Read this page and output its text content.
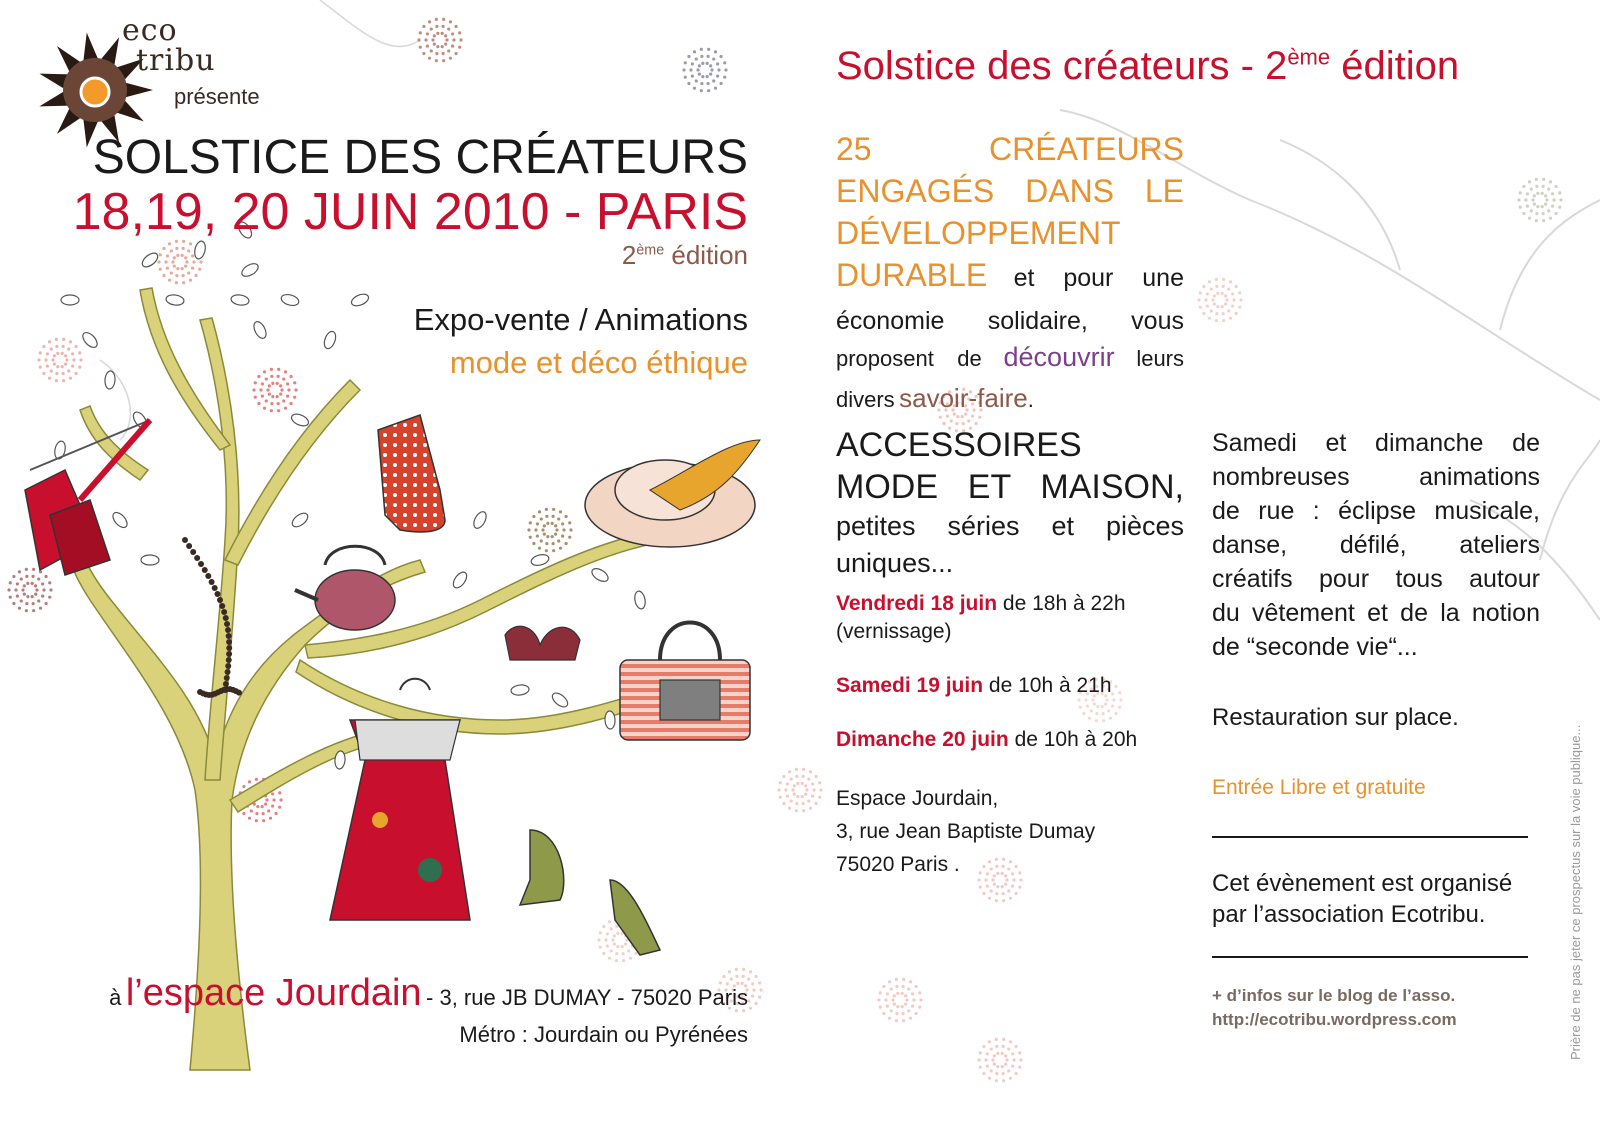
eco
tribu
présente
SOLSTICE DES CRÉATEURS
18,19, 20 JUIN 2010 - PARIS
2ème édition
Expo-vente / Animations
mode et déco éthique
à l’espace Jourdain - 3, rue JB DUMAY - 75020 Paris
Métro : Jourdain ou Pyrénées
Solstice des créateurs - 2ème édition
25 CRÉATEURS
ENGAGÉS DANS LE
DÉVELOPPEMENT
DURABLE et pour une
économie solidaire, vous
proposent de découvrir leurs
divers savoir-faire.
ACCESSOIRES
MODE ET MAISON,
petites séries et pièces
uniques...
Vendredi 18 juin de 18h à 22h
(vernissage)
Samedi 19 juin de 10h à 21h
Dimanche 20 juin de 10h à 20h
Espace Jourdain,
3, rue Jean Baptiste Dumay
75020 Paris .
Samedi et dimanche de
nombreuses animations
de rue : éclipse musicale,
danse, défilé, ateliers
créatifs pour tous autour
du vêtement et de la notion
de “seconde vie“...
Restauration sur place.
Entrée Libre et gratuite
Cet évènement est organisé
par l’association Ecotribu.
+ d’infos sur le blog de l’asso.
http://ecotribu.wordpress.com	Prière de ne pas jeter ce prospectus sur la voie publique...
